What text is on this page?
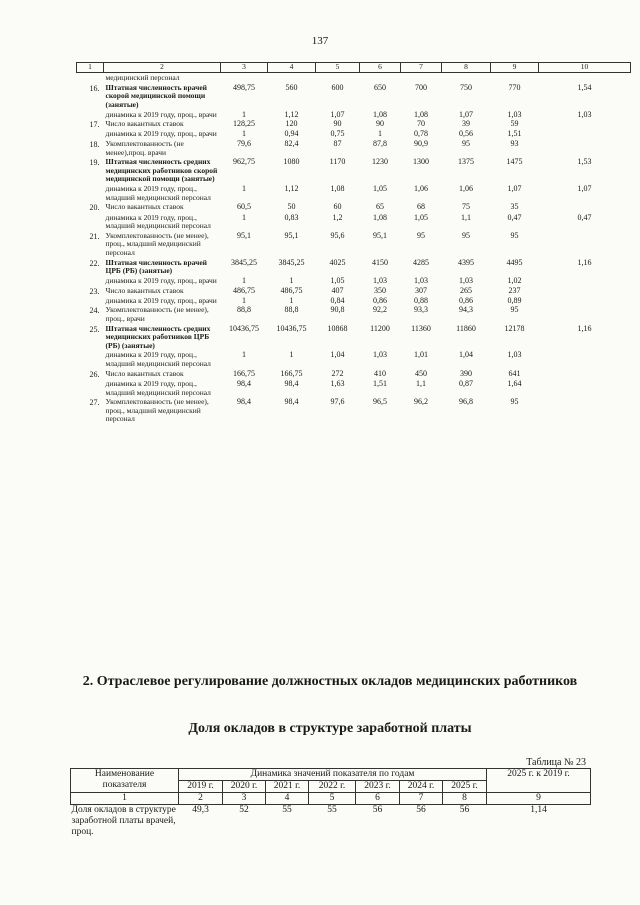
137
1	2	3	4	5	6	7	8	9	10
	медицинский персонал								
16.	Штатная численность врачей скорой медицинской помощи (занятые)	498,75	560	600	650	700	750	770	1,54
	динамика к 2019 году, проц., врачи	1	1,12	1,07	1,08	1,08	1,07	1,03	1,03
17.	Число вакантных ставок	128,25	120	90	90	70	39	59	
	динамика к 2019 году, проц., врачи	1	0,94	0,75	1	0,78	0,56	1,51	
18.	Укомплектованность (не менее),проц. врачи	79,6	82,4	87	87,8	90,9	95	93	
19.	Штатная численность средних медицинских работников скорой медицинской помощи (занятые)	962,75	1080	1170	1230	1300	1375	1475	1,53
	динамика к 2019 году, проц., младший медицинский персонал	1	1,12	1,08	1,05	1,06	1,06	1,07	1,07
20.	Число вакантных ставок	60,5	50	60	65	68	75	35	
	динамика к 2019 году, проц., младший медицинский персонал	1	0,83	1,2	1,08	1,05	1,1	0,47	0,47
21.	Укомплектованность (не менее), проц., младший медицинский персонал	95,1	95,1	95,6	95,1	95	95	95	
22.	Штатная численность врачей ЦРБ (РБ) (занятые)	3845,25	3845,25	4025	4150	4285	4395	4495	1,16
	динамика к 2019 году, проц., врачи	1	1	1,05	1,03	1,03	1,03	1,02	
23.	Число вакантных ставок	486,75	486,75	407	350	307	265	237	
	динамика к 2019 году, проц., врачи	1	1	0,84	0,86	0,88	0,86	0,89	
24.	Укомплектованность (не менее), проц., врачи	88,8	88,8	90,8	92,2	93,3	94,3	95	
25.	Штатная численность средних медицинских работников ЦРБ (РБ) (занятые)	10436,75	10436,75	10868	11200	11360	11860	12178	1,16
	динамика к 2019 году, проц., младший медицинский персонал	1	1	1,04	1,03	1,01	1,04	1,03	
26.	Число вакантных ставок	166,75	166,75	272	410	450	390	641	
	динамика к 2019 году, проц., младший медицинский персонал	98,4	98,4	1,63	1,51	1,1	0,87	1,64	
27.	Укомплектованность (не менее), проц., младший медицинский персонал	98,4	98,4	97,6	96,5	96,2	96,8	95	
2. Отраслевое регулирование должностных окладов медицинских работников
Доля окладов в структуре заработной платы
Таблица № 23
Наименование показателя	Динамика значений показателя по годам							2025 г. к 2019 г.
	2019 г.	2020 г.	2021 г.	2022 г.	2023 г.	2024 г.	2025 г.	
1	2	3	4	5	6	7	8	9
Доля окладов в структуре заработной платы врачей, проц.	49,3	52	55	55	56	56	56	1,14
